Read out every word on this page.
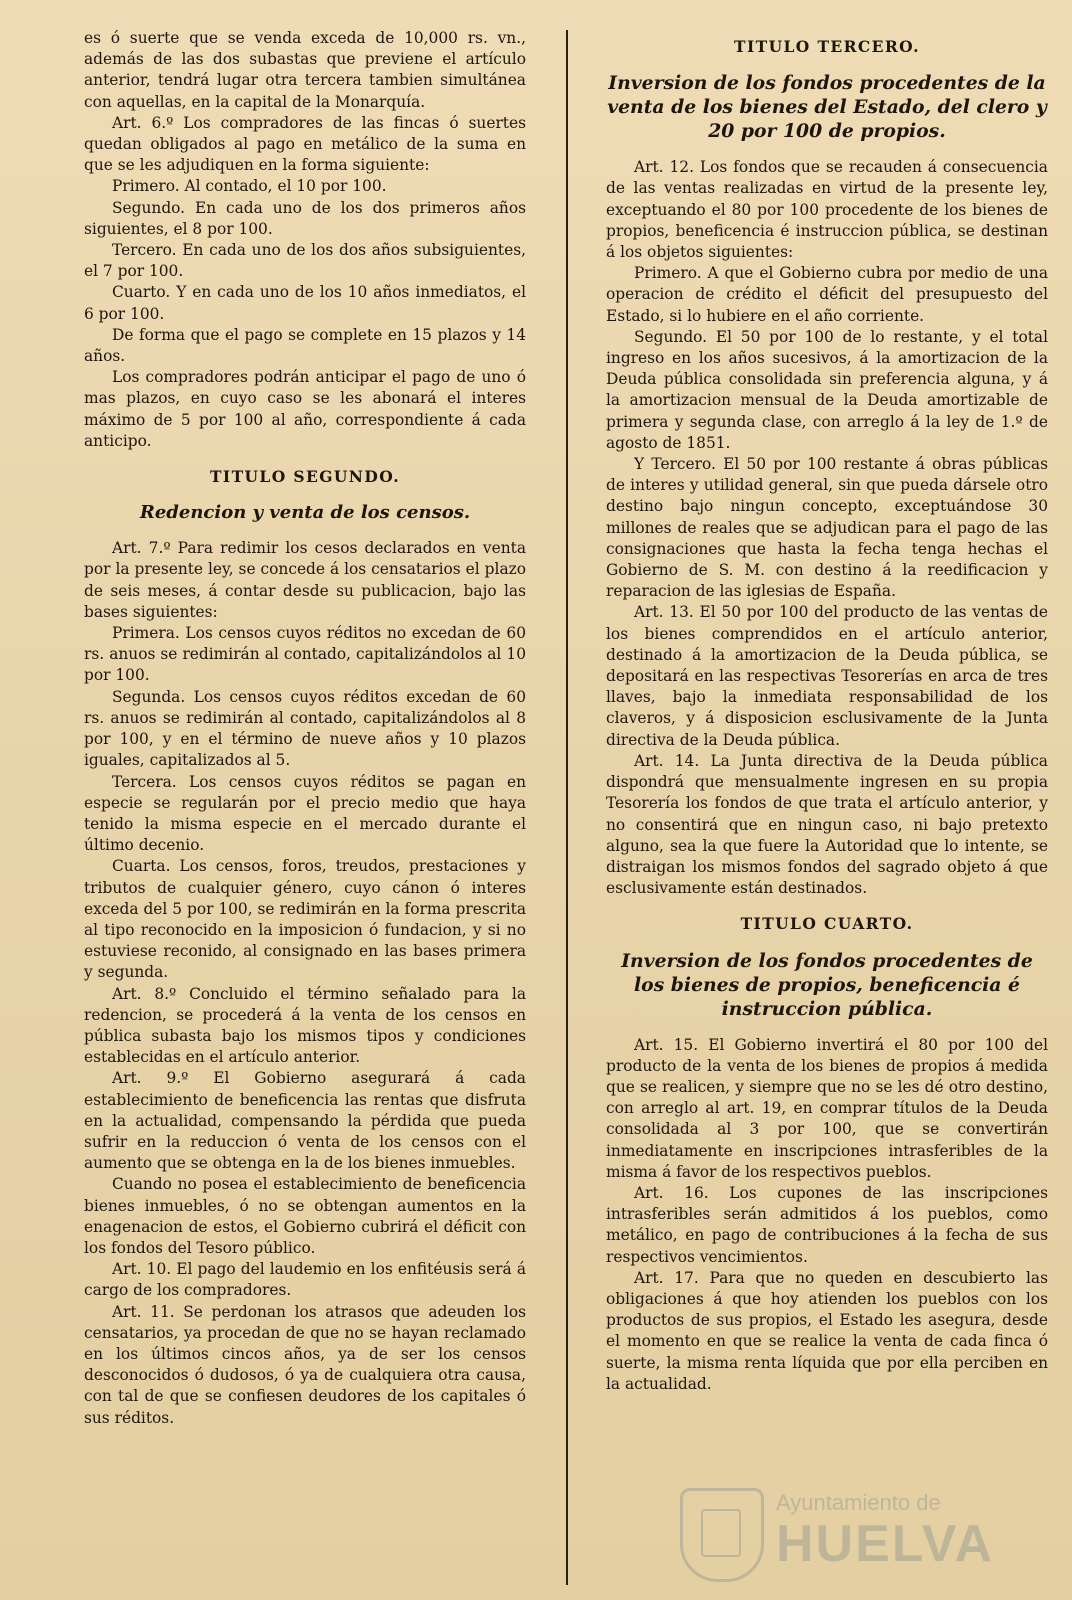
es ó suerte que se venda exceda de 10,000 rs. vn., además de las dos subastas que previene el artículo anterior, tendrá lugar otra tercera tambien simultánea con aquellas, en la capital de la Monarquía.

Art. 6.º Los compradores de las fincas ó suertes quedan obligados al pago en metálico de la suma en que se les adjudiquen en la forma siguiente:

Primero. Al contado, el 10 por 100.

Segundo. En cada uno de los dos primeros años siguientes, el 8 por 100.

Tercero. En cada uno de los dos años subsiguientes, el 7 por 100.

Cuarto. Y en cada uno de los 10 años inmediatos, el 6 por 100.

De forma que el pago se complete en 15 plazos y 14 años.

Los compradores podrán anticipar el pago de uno ó mas plazos, en cuyo caso se les abonará el interes máximo de 5 por 100 al año, correspondiente á cada anticipo.

TITULO SEGUNDO.
Redencion y venta de los censos.

Art. 7.º Para redimir los cesos declarados en venta por la presente ley, se concede á los censatarios el plazo de seis meses, á contar desde su publicacion, bajo las bases siguientes:

Primera. Los censos cuyos réditos no excedan de 60 rs. anuos se redimirán al contado, capitalizándolos al 10 por 100.

Segunda. Los censos cuyos réditos excedan de 60 rs. anuos se redimirán al contado, capitalizándolos al 8 por 100, y en el término de nueve años y 10 plazos iguales, capitalizados al 5.

Tercera. Los censos cuyos réditos se pagan en especie se regularán por el precio medio que haya tenido la misma especie en el mercado durante el último decenio.

Cuarta. Los censos, foros, treudos, prestaciones y tributos de cualquier género, cuyo cánon ó interes exceda del 5 por 100, se redimirán en la forma prescrita al tipo reconocido en la imposicion ó fundacion, y si no estuviese reconido, al consignado en las bases primera y segunda.

Art. 8.º Concluido el término señalado para la redencion, se procederá á la venta de los censos en pública subasta bajo los mismos tipos y condiciones establecidas en el artículo anterior.

Art. 9.º El Gobierno asegurará á cada establecimiento de beneficencia las rentas que disfruta en la actualidad, compensando la pérdida que pueda sufrir en la reduccion ó venta de los censos con el aumento que se obtenga en la de los bienes inmuebles.

Cuando no posea el establecimiento de beneficencia bienes inmuebles, ó no se obtengan aumentos en la enagenacion de estos, el Gobierno cubrirá el déficit con los fondos del Tesoro público.

Art. 10. El pago del laudemio en los enfitéusis será á cargo de los compradores.

Art. 11. Se perdonan los atrasos que adeuden los censatarios, ya procedan de que no se hayan reclamado en los últimos cincos años, ya de ser los censos desconocidos ó dudosos, ó ya de cualquiera otra causa, con tal de que se confiesen deudores de los capitales ó sus réditos.

TITULO TERCERO.
Inversion de los fondos procedentes de la venta de los bienes del Estado, del clero y 20 por 100 de propios.

Art. 12. Los fondos que se recauden á consecuencia de las ventas realizadas en virtud de la presente ley, exceptuando el 80 por 100 procedente de los bienes de propios, beneficencia é instruccion pública, se destinan á los objetos siguientes:

Primero. A que el Gobierno cubra por medio de una operacion de crédito el déficit del presupuesto del Estado, si lo hubiere en el año corriente.

Segundo. El 50 por 100 de lo restante, y el total ingreso en los años sucesivos, á la amortizacion de la Deuda pública consolidada sin preferencia alguna, y á la amortizacion mensual de la Deuda amortizable de primera y segunda clase, con arreglo á la ley de 1.º de agosto de 1851.

Y Tercero. El 50 por 100 restante á obras públicas de interes y utilidad general, sin que pueda dársele otro destino bajo ningun concepto, exceptuándose 30 millones de reales que se adjudican para el pago de las consignaciones que hasta la fecha tenga hechas el Gobierno de S. M. con destino á la reedificacion y reparacion de las iglesias de España.

Art. 13. El 50 por 100 del producto de las ventas de los bienes comprendidos en el artículo anterior, destinado á la amortizacion de la Deuda pública, se depositará en las respectivas Tesorerías en arca de tres llaves, bajo la inmediata responsabilidad de los claveros, y á disposicion esclusivamente de la Junta directiva de la Deuda pública.

Art. 14. La Junta directiva de la Deuda pública dispondrá que mensualmente ingresen en su propia Tesorería los fondos de que trata el artículo anterior, y no consentirá que en ningun caso, ni bajo pretexto alguno, sea la que fuere la Autoridad que lo intente, se distraigan los mismos fondos del sagrado objeto á que esclusivamente están destinados.

TITULO CUARTO.
Inversion de los fondos procedentes de los bienes de propios, beneficencia é instruccion pública.

Art. 15. El Gobierno invertirá el 80 por 100 del producto de la venta de los bienes de propios á medida que se realicen, y siempre que no se les dé otro destino, con arreglo al art. 19, en comprar títulos de la Deuda consolidada al 3 por 100, que se convertirán inmediatamente en inscripciones intrasferibles de la misma á favor de los respectivos pueblos.

Art. 16. Los cupones de las inscripciones intrasferibles serán admitidos á los pueblos, como metálico, en pago de contribuciones á la fecha de sus respectivos vencimientos.

Art. 17. Para que no queden en descubierto las obligaciones á que hoy atienden los pueblos con los productos de sus propios, el Estado les asegura, desde el momento en que se realice la venta de cada finca ó suerte, la misma renta líquida que por ella perciben en la actualidad.

Ayuntamiento de
HUELVA
